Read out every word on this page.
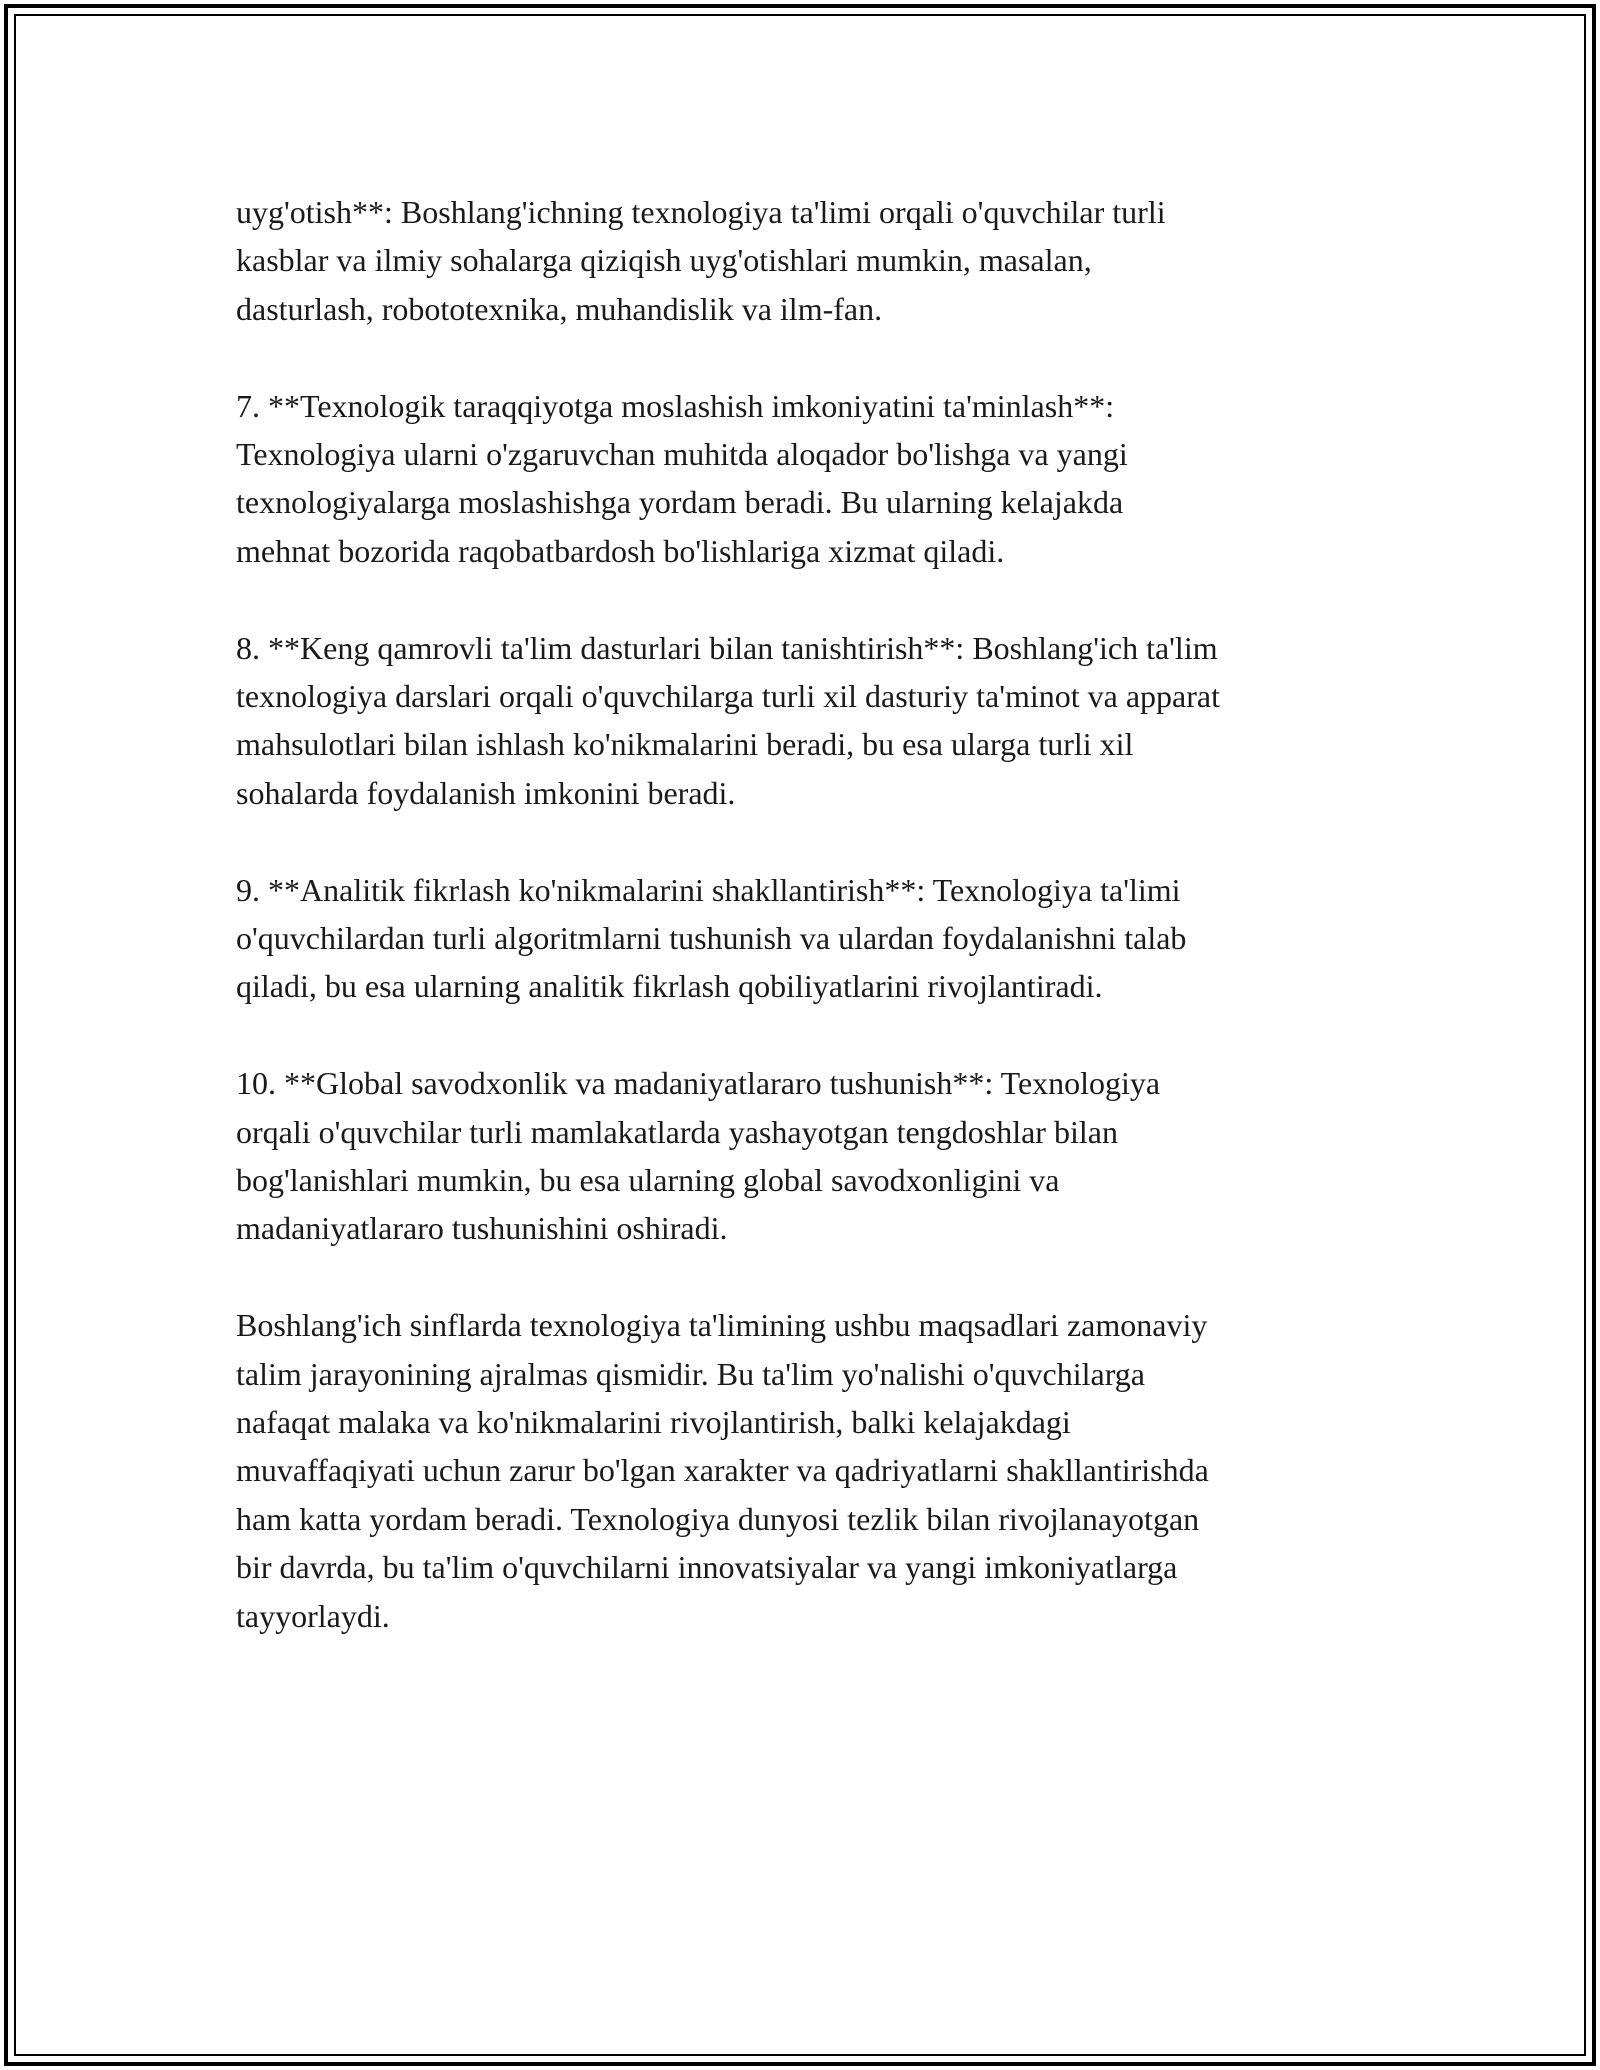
uyg'otish**: Boshlang'ichning texnologiya ta'limi orqali o'quvchilar turli
kasblar va ilmiy sohalarga qiziqish uyg'otishlari mumkin, masalan,
dasturlash, robototexnika, muhandislik va ilm-fan.

7. **Texnologik taraqqiyotga moslashish imkoniyatini ta'minlash**:
Texnologiya ularni o'zgaruvchan muhitda aloqador bo'lishga va yangi
texnologiyalarga moslashishga yordam beradi. Bu ularning kelajakda
mehnat bozorida raqobatbardosh bo'lishlariga xizmat qiladi.

8. **Keng qamrovli ta'lim dasturlari bilan tanishtirish**: Boshlang'ich ta'lim
texnologiya darslari orqali o'quvchilarga turli xil dasturiy ta'minot va apparat
mahsulotlari bilan ishlash ko'nikmalarini beradi, bu esa ularga turli xil
sohalarda foydalanish imkonini beradi.

9. **Analitik fikrlash ko'nikmalarini shakllantirish**: Texnologiya ta'limi
o'quvchilardan turli algoritmlarni tushunish va ulardan foydalanishni talab
qiladi, bu esa ularning analitik fikrlash qobiliyatlarini rivojlantiradi.

10. **Global savodxonlik va madaniyatlararo tushunish**: Texnologiya
orqali o'quvchilar turli mamlakatlarda yashayotgan tengdoshlar bilan
bog'lanishlari mumkin, bu esa ularning global savodxonligini va
madaniyatlararo tushunishini oshiradi.

Boshlang'ich sinflarda texnologiya ta'limining ushbu maqsadlari zamonaviy
talim jarayonining ajralmas qismidir. Bu ta'lim yo'nalishi o'quvchilarga
nafaqat malaka va ko'nikmalarini rivojlantirish, balki kelajakdagi
muvaffaqiyati uchun zarur bo'lgan xarakter va qadriyatlarni shakllantirishda
ham katta yordam beradi. Texnologiya dunyosi tezlik bilan rivojlanayotgan
bir davrda, bu ta'lim o'quvchilarni innovatsiyalar va yangi imkoniyatlarga
tayyorlaydi.
